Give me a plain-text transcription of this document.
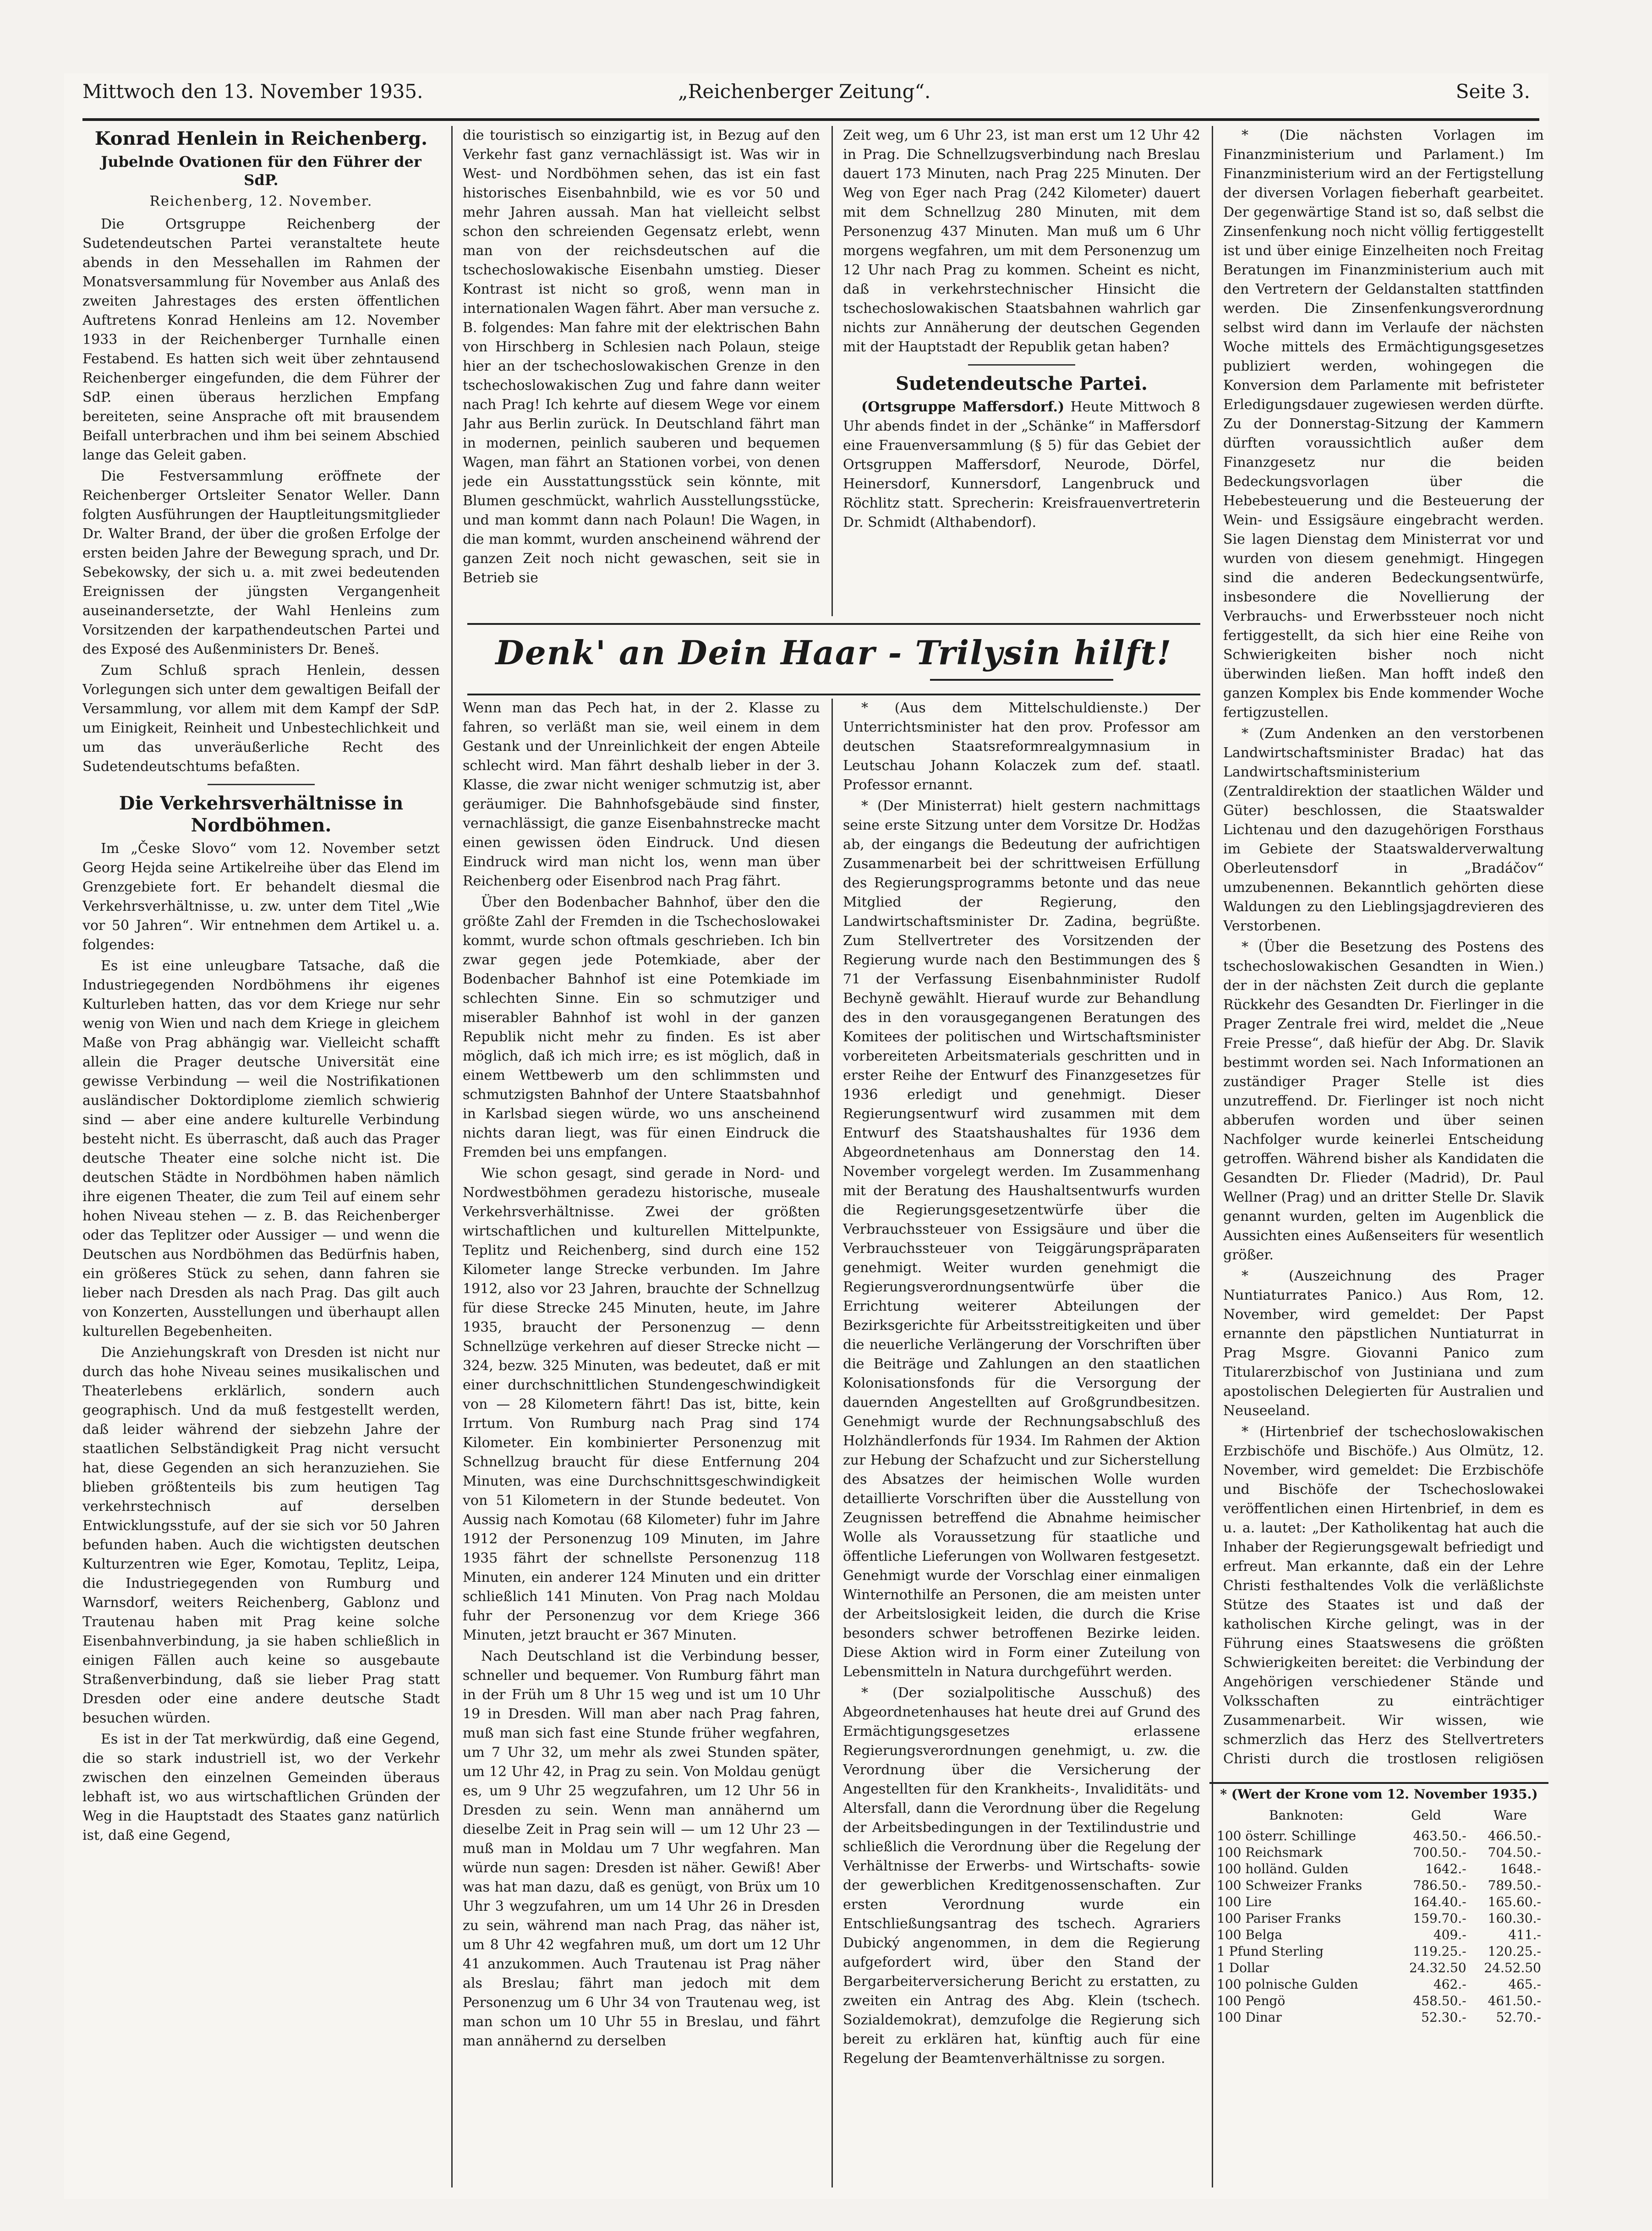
Mittwoch den 13. November 1935.	„Reichenberger Zeitung“.	Seite 3.
Konrad Henlein in Reichenberg.
Jubelnde Ovationen für den Führer der SdP.

Reichenberg, 12. November.

Die Ortsgruppe Reichenberg der Sudetendeutschen Partei veranstaltete heute abends in den Messehallen im Rahmen der Monatsversammlung für November aus Anlaß des zweiten Jahrestages des ersten öffentlichen Auftretens Konrad Henleins am 12. November 1933 in der Reichenberger Turnhalle einen Festabend. Es hatten sich weit über zehntausend Reichenberger eingefunden, die dem Führer der SdP. einen überaus herzlichen Empfang bereiteten, seine Ansprache oft mit brausendem Beifall unterbrachen und ihm bei seinem Abschied lange das Geleit gaben.

Die Festversammlung eröffnete der Reichenberger Ortsleiter Senator Weller. Dann folgten Ausführungen der Hauptleitungsmitglieder Dr. Walter Brand, der über die großen Erfolge der ersten beiden Jahre der Bewegung sprach, und Dr. Sebekowsky, der sich u. a. mit zwei bedeutenden Ereignissen der jüngsten Vergangenheit auseinandersetzte, der Wahl Henleins zum Vorsitzenden der karpathendeutschen Partei und des Exposé des Außenministers Dr. Beneš.

Zum Schluß sprach Henlein, dessen Vorlegungen sich unter dem gewaltigen Beifall der Versammlung, vor allem mit dem Kampf der SdP. um Einigkeit, Reinheit und Unbestechlichkeit und um das unveräußerliche Recht des Sudetendeutschtums befaßten.

Die Verkehrsverhältnisse in Nordböhmen.

Im „Česke Slovo“ vom 12. November setzt Georg Hejda seine Artikelreihe über das Elend im Grenzgebiete fort. Er behandelt diesmal die Verkehrsverhältnisse, u. zw. unter dem Titel „Wie vor 50 Jahren“. Wir entnehmen dem Artikel u. a. folgendes:

Es ist eine unleugbare Tatsache, daß die Industriegegenden Nordböhmens ihr eigenes Kulturleben hatten, das vor dem Kriege nur sehr wenig von Wien und nach dem Kriege in gleichem Maße von Prag abhängig war. Vielleicht schafft allein die Prager deutsche Universität eine gewisse Verbindung — weil die Nostrifikationen ausländischer Doktordiplome ziemlich schwierig sind — aber eine andere kulturelle Verbindung besteht nicht. Es überrascht, daß auch das Prager deutsche Theater eine solche nicht ist. Die deutschen Städte in Nordböhmen haben nämlich ihre eigenen Theater, die zum Teil auf einem sehr hohen Niveau stehen — z. B. das Reichenberger oder das Teplitzer oder Aussiger — und wenn die Deutschen aus Nordböhmen das Bedürfnis haben, ein größeres Stück zu sehen, dann fahren sie lieber nach Dresden als nach Prag. Das gilt auch von Konzerten, Ausstellungen und überhaupt allen kulturellen Begebenheiten.

Die Anziehungskraft von Dresden ist nicht nur durch das hohe Niveau seines musikalischen und Theaterlebens erklärlich, sondern auch geographisch. Und da muß festgestellt werden, daß leider während der siebzehn Jahre der staatlichen Selbständigkeit Prag nicht versucht hat, diese Gegenden an sich heranzuziehen. Sie blieben größtenteils bis zum heutigen Tag verkehrstechnisch auf derselben Entwicklungsstufe, auf der sie sich vor 50 Jahren befunden haben. Auch die wichtigsten deutschen Kulturzentren wie Eger, Komotau, Teplitz, Leipa, die Industriegegenden von Rumburg und Warnsdorf, weiters Reichenberg, Gablonz und Trautenau haben mit Prag keine solche Eisenbahnverbindung, ja sie haben schließlich in einigen Fällen auch keine so ausgebaute Straßenverbindung, daß sie lieber Prag statt Dresden oder eine andere deutsche Stadt besuchen würden.

Es ist in der Tat merkwürdig, daß eine Gegend, die so stark industriell ist, wo der Verkehr zwischen den einzelnen Gemeinden überaus lebhaft ist, wo aus wirtschaftlichen Gründen der Weg in die Hauptstadt des Staates ganz natürlich ist, daß eine Gegend,

die touristisch so einzigartig ist, in Bezug auf den Verkehr fast ganz vernachlässigt ist. Was wir in West- und Nordböhmen sehen, das ist ein fast historisches Eisenbahnbild, wie es vor 50 und mehr Jahren aussah. Man hat vielleicht selbst schon den schreienden Gegensatz erlebt, wenn man von der reichsdeutschen auf die tschechoslowakische Eisenbahn umstieg. Dieser Kontrast ist nicht so groß, wenn man in internationalen Wagen fährt. Aber man versuche z. B. folgendes: Man fahre mit der elektrischen Bahn von Hirschberg in Schlesien nach Polaun, steige hier an der tschechoslowakischen Grenze in den tschechoslowakischen Zug und fahre dann weiter nach Prag! Ich kehrte auf diesem Wege vor einem Jahr aus Berlin zurück. In Deutschland fährt man in modernen, peinlich sauberen und bequemen Wagen, man fährt an Stationen vorbei, von denen jede ein Ausstattungsstück sein könnte, mit Blumen geschmückt, wahrlich Ausstellungsstücke, und man kommt dann nach Polaun! Die Wagen, in die man kommt, wurden anscheinend während der ganzen Zeit noch nicht gewaschen, seit sie in Betrieb sie

Zeit weg, um 6 Uhr 23, ist man erst um 12 Uhr 42 in Prag. Die Schnellzugsverbindung nach Breslau dauert 173 Minuten, nach Prag 225 Minuten. Der Weg von Eger nach Prag (242 Kilometer) dauert mit dem Schnellzug 280 Minuten, mit dem Personenzug 437 Minuten. Man muß um 6 Uhr morgens wegfahren, um mit dem Personenzug um 12 Uhr nach Prag zu kommen. Scheint es nicht, daß in verkehrstechnischer Hinsicht die tschechoslowakischen Staatsbahnen wahrlich gar nichts zur Annäherung der deutschen Gegenden mit der Hauptstadt der Republik getan haben?

Sudetendeutsche Partei.

(Ortsgruppe Maffersdorf.) Heute Mittwoch 8 Uhr abends findet in der „Schänke“ in Maffersdorf eine Frauenversammlung (§ 5) für das Gebiet der Ortsgruppen Maffersdorf, Neurode, Dörfel, Heinersdorf, Kunnersdorf, Langenbruck und Röchlitz statt. Sprecherin: Kreisfrauenvertreterin Dr. Schmidt (Althabendorf).

Denk' an Dein Haar - Trilysin hilft!

Wenn man das Pech hat, in der 2. Klasse zu fahren, so verläßt man sie, weil einem in dem Gestank und der Unreinlichkeit der engen Abteile schlecht wird. Man fährt deshalb lieber in der 3. Klasse, die zwar nicht weniger schmutzig ist, aber geräumiger. Die Bahnhofsgebäude sind finster, vernachlässigt, die ganze Eisenbahnstrecke macht einen gewissen öden Eindruck. Und diesen Eindruck wird man nicht los, wenn man über Reichenberg oder Eisenbrod nach Prag fährt.

Über den Bodenbacher Bahnhof, über den die größte Zahl der Fremden in die Tschechoslowakei kommt, wurde schon oftmals geschrieben. Ich bin zwar gegen jede Potemkiade, aber der Bodenbacher Bahnhof ist eine Potemkiade im schlechten Sinne. Ein so schmutziger und miserabler Bahnhof ist wohl in der ganzen Republik nicht mehr zu finden. Es ist aber möglich, daß ich mich irre; es ist möglich, daß in einem Wettbewerb um den schlimmsten und schmutzigsten Bahnhof der Untere Staatsbahnhof in Karlsbad siegen würde, wo uns anscheinend nichts daran liegt, was für einen Eindruck die Fremden bei uns empfangen.

Wie schon gesagt, sind gerade in Nord- und Nordwestböhmen geradezu historische, museale Verkehrsverhältnisse. Zwei der größten wirtschaftlichen und kulturellen Mittelpunkte, Teplitz und Reichenberg, sind durch eine 152 Kilometer lange Strecke verbunden. Im Jahre 1912, also vor 23 Jahren, brauchte der Schnellzug für diese Strecke 245 Minuten, heute, im Jahre 1935, braucht der Personenzug — denn Schnellzüge verkehren auf dieser Strecke nicht — 324, bezw. 325 Minuten, was bedeutet, daß er mit einer durchschnittlichen Stundengeschwindigkeit von — 28 Kilometern fährt! Das ist, bitte, kein Irrtum. Von Rumburg nach Prag sind 174 Kilometer. Ein kombinierter Personenzug mit Schnellzug braucht für diese Entfernung 204 Minuten, was eine Durchschnittsgeschwindigkeit von 51 Kilometern in der Stunde bedeutet. Von Aussig nach Komotau (68 Kilometer) fuhr im Jahre 1912 der Personenzug 109 Minuten, im Jahre 1935 fährt der schnellste Personenzug 118 Minuten, ein anderer 124 Minuten und ein dritter schließlich 141 Minuten. Von Prag nach Moldau fuhr der Personenzug vor dem Kriege 366 Minuten, jetzt braucht er 367 Minuten.

Nach Deutschland ist die Verbindung besser, schneller und bequemer. Von Rumburg fährt man in der Früh um 8 Uhr 15 weg und ist um 10 Uhr 19 in Dresden. Will man aber nach Prag fahren, muß man sich fast eine Stunde früher wegfahren, um 7 Uhr 32, um mehr als zwei Stunden später, um 12 Uhr 42, in Prag zu sein. Von Moldau genügt es, um 9 Uhr 25 wegzufahren, um 12 Uhr 56 in Dresden zu sein. Wenn man annähernd um dieselbe Zeit in Prag sein will — um 12 Uhr 23 — muß man in Moldau um 7 Uhr wegfahren. Man würde nun sagen: Dresden ist näher. Gewiß! Aber was hat man dazu, daß es genügt, von Brüx um 10 Uhr 3 wegzufahren, um um 14 Uhr 26 in Dresden zu sein, während man nach Prag, das näher ist, um 8 Uhr 42 wegfahren muß, um dort um 12 Uhr 41 anzukommen. Auch Trautenau ist Prag näher als Breslau; fährt man jedoch mit dem Personenzug um 6 Uhr 34 von Trautenau weg, ist man schon um 10 Uhr 55 in Breslau, und fährt man annähernd zu derselben

* (Aus dem Mittelschuldienste.) Der Unterrichtsminister hat den prov. Professor am deutschen Staatsreformrealgymnasium in Leutschau Johann Kolaczek zum def. staatl. Professor ernannt.

* (Der Ministerrat) hielt gestern nachmittags seine erste Sitzung unter dem Vorsitze Dr. Hodžas ab, der eingangs die Bedeutung der aufrichtigen Zusammenarbeit bei der schrittweisen Erfüllung des Regierungsprogramms betonte und das neue Mitglied der Regierung, den Landwirtschaftsminister Dr. Zadina, begrüßte. Zum Stellvertreter des Vorsitzenden der Regierung wurde nach den Bestimmungen des § 71 der Verfassung Eisenbahnminister Rudolf Bechyně gewählt. Hierauf wurde zur Behandlung des in den vorausgegangenen Beratungen des Komitees der politischen und Wirtschaftsminister vorbereiteten Arbeitsmaterials geschritten und in erster Reihe der Entwurf des Finanzgesetzes für 1936 erledigt und genehmigt. Dieser Regierungsentwurf wird zusammen mit dem Entwurf des Staatshaushaltes für 1936 dem Abgeordnetenhaus am Donnerstag den 14. November vorgelegt werden. Im Zusammenhang mit der Beratung des Haushaltsentwurfs wurden die Regierungsgesetzentwürfe über die Verbrauchssteuer von Essigsäure und über die Verbrauchssteuer von Teiggärungspräparaten genehmigt. Weiter wurden genehmigt die Regierungsverordnungsentwürfe über die Errichtung weiterer Abteilungen der Bezirksgerichte für Arbeitsstreitigkeiten und über die neuerliche Verlängerung der Vorschriften über die Beiträge und Zahlungen an den staatlichen Kolonisationsfonds für die Versorgung der dauernden Angestellten auf Großgrundbesitzen. Genehmigt wurde der Rechnungsabschluß des Holzhändlerfonds für 1934. Im Rahmen der Aktion zur Hebung der Schafzucht und zur Sicherstellung des Absatzes der heimischen Wolle wurden detaillierte Vorschriften über die Ausstellung von Zeugnissen betreffend die Abnahme heimischer Wolle als Voraussetzung für staatliche und öffentliche Lieferungen von Wollwaren festgesetzt. Genehmigt wurde der Vorschlag einer einmaligen Winternothilfe an Personen, die am meisten unter der Arbeitslosigkeit leiden, die durch die Krise besonders schwer betroffenen Bezirke leiden. Diese Aktion wird in Form einer Zuteilung von Lebensmitteln in Natura durchgeführt werden.

* (Der sozialpolitische Ausschuß) des Abgeordnetenhauses hat heute drei auf Grund des Ermächtigungsgesetzes erlassene Regierungsverordnungen genehmigt, u. zw. die Verordnung über die Versicherung der Angestellten für den Krankheits-, Invaliditäts- und Altersfall, dann die Verordnung über die Regelung der Arbeitsbedingungen in der Textilindustrie und schließlich die Verordnung über die Regelung der Verhältnisse der Erwerbs- und Wirtschafts- sowie der gewerblichen Kreditgenossenschaften. Zur ersten Verordnung wurde ein Entschließungsantrag des tschech. Agrariers Dubický angenommen, in dem die Regierung aufgefordert wird, über den Stand der Bergarbeiterversicherung Bericht zu erstatten, zu zweiten ein Antrag des Abg. Klein (tschech. Sozialdemokrat), demzufolge die Regierung sich bereit zu erklären hat, künftig auch für eine Regelung der Beamtenverhältnisse zu sorgen.

* (Die nächsten Vorlagen im Finanzministerium und Parlament.) Im Finanzministerium wird an der Fertigstellung der diversen Vorlagen fieberhaft gearbeitet. Der gegenwärtige Stand ist so, daß selbst die Zinsenfenkung noch nicht völlig fertiggestellt ist und über einige Einzelheiten noch Freitag Beratungen im Finanzministerium auch mit den Vertretern der Geldanstalten stattfinden werden. Die Zinsenfenkungsverordnung selbst wird dann im Verlaufe der nächsten Woche mittels des Ermächtigungsgesetzes publiziert werden, wohingegen die Konversion dem Parlamente mit befristeter Erledigungsdauer zugewiesen werden dürfte. Zu der Donnerstag-Sitzung der Kammern dürften voraussichtlich außer dem Finanzgesetz nur die beiden Bedeckungsvorlagen über die Hebebesteuerung und die Besteuerung der Wein- und Essigsäure eingebracht werden. Sie lagen Dienstag dem Ministerrat vor und wurden von diesem genehmigt. Hingegen sind die anderen Bedeckungsentwürfe, insbesondere die Novellierung der Verbrauchs- und Erwerbssteuer noch nicht fertiggestellt, da sich hier eine Reihe von Schwierigkeiten bisher noch nicht überwinden ließen. Man hofft indeß den ganzen Komplex bis Ende kommender Woche fertigzustellen.

* (Zum Andenken an den verstorbenen Landwirtschaftsminister Bradac) hat das Landwirtschaftsministerium (Zentraldirektion der staatlichen Wälder und Güter) beschlossen, die Staatswalder Lichtenau und den dazugehörigen Forsthaus im Gebiete der Staatswalderverwaltung Oberleutensdorf in „Bradáčov“ umzubenennen. Bekanntlich gehörten diese Waldungen zu den Lieblingsjagdrevieren des Verstorbenen.

* (Über die Besetzung des Postens des tschechoslowakischen Gesandten in Wien.) der in der nächsten Zeit durch die geplante Rückkehr des Gesandten Dr. Fierlinger in die Prager Zentrale frei wird, meldet die „Neue Freie Presse“, daß hiefür der Abg. Dr. Slavik bestimmt worden sei. Nach Informationen an zuständiger Prager Stelle ist dies unzutreffend. Dr. Fierlinger ist noch nicht abberufen worden und über seinen Nachfolger wurde keinerlei Entscheidung getroffen. Während bisher als Kandidaten die Gesandten Dr. Flieder (Madrid), Dr. Paul Wellner (Prag) und an dritter Stelle Dr. Slavik genannt wurden, gelten im Augenblick die Aussichten eines Außenseiters für wesentlich größer.

* (Auszeichnung des Prager Nuntiaturrates Panico.) Aus Rom, 12. November, wird gemeldet: Der Papst ernannte den päpstlichen Nuntiaturrat in Prag Msgre. Giovanni Panico zum Titularerzbischof von Justiniana und zum apostolischen Delegierten für Australien und Neuseeland.

* (Hirtenbrief der tschechoslowakischen Erzbischöfe und Bischöfe.) Aus Olmütz, 12. November, wird gemeldet: Die Erzbischöfe und Bischöfe der Tschechoslowakei veröffentlichen einen Hirtenbrief, in dem es u. a. lautet: „Der Katholikentag hat auch die Inhaber der Regierungsgewalt befriedigt und erfreut. Man erkannte, daß ein der Lehre Christi festhaltendes Volk die verläßlichste Stütze des Staates ist und daß der katholischen Kirche gelingt, was in der Führung eines Staatswesens die größten Schwierigkeiten bereitet: die Verbindung der Angehörigen verschiedener Stände und Volksschaften zu einträchtiger Zusammenarbeit. Wir wissen, wie schmerzlich das Herz des Stellvertreters Christi durch die trostlosen religiösen

* (Wert der Krone vom 12. November 1935.)
Banknoten:	Geld	Ware
100 österr. Schillinge	463.50.-	466.50.-
100 Reichsmark	700.50.-	704.50.-
100 holländ. Gulden	1642.-	1648.-
100 Schweizer Franks	786.50.-	789.50.-
100 Lire	164.40.-	165.60.-
100 Pariser Franks	159.70.-	160.30.-
100 Belga	409.-	411.-
1 Pfund Sterling	119.25.-	120.25.-
1 Dollar	24.32.50	24.52.50
100 polnische Gulden	462.-	465.-
100 Pengö	458.50.-	461.50.-
100 Dinar	52.30.-	52.70.-
